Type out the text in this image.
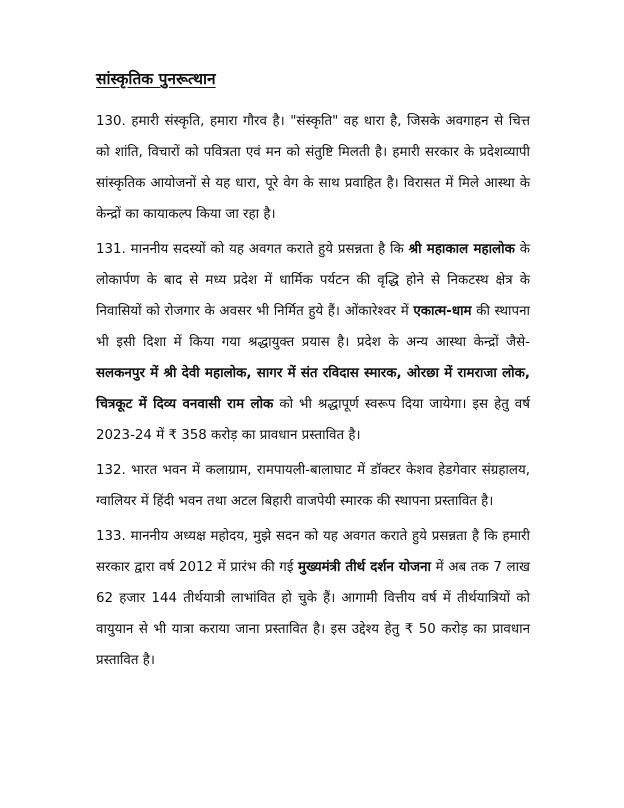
सांस्कृतिक पुनरूत्थान

130. हमारी संस्कृति, हमारा गौरव है। "संस्कृति" वह धारा है, जिसके अवगाहन से चित्त को शांति, विचारों को पवित्रता एवं मन को संतुष्टि मिलती है। हमारी सरकार के प्रदेशव्यापी सांस्कृतिक आयोजनों से यह धारा, पूरे वेग के साथ प्रवाहित है। विरासत में मिले आस्था के केन्द्रों का कायाकल्प किया जा रहा है।

131. माननीय सदस्यों को यह अवगत कराते हुये प्रसन्नता है कि श्री महाकाल महालोक के लोकार्पण के बाद से मध्य प्रदेश में धार्मिक पर्यटन की वृद्धि होने से निकटस्थ क्षेत्र के निवासियों को रोजगार के अवसर भी निर्मित हुये हैं। ओंकारेश्वर में एकात्म-धाम की स्थापना भी इसी दिशा में किया गया श्रद्धायुक्त प्रयास है। प्रदेश के अन्य आस्था केन्द्रों जैसे-सलकनपुर में श्री देवी महालोक, सागर में संत रविदास स्मारक, ओरछा में रामराजा लोक, चित्रकूट में दिव्य वनवासी राम लोक को भी श्रद्धापूर्ण स्वरूप दिया जायेगा। इस हेतु वर्ष 2023-24 में ₹ 358 करोड़ का प्रावधान प्रस्तावित है।

132. भारत भवन में कलाग्राम, रामपायली-बालाघाट में डॉक्टर केशव हेडगेवार संग्रहालय, ग्वालियर में हिंदी भवन तथा अटल बिहारी वाजपेयी स्मारक की स्थापना प्रस्तावित है।

133. माननीय अध्यक्ष महोदय, मुझे सदन को यह अवगत कराते हुये प्रसन्नता है कि हमारी सरकार द्वारा वर्ष 2012 में प्रारंभ की गई मुख्यमंत्री तीर्थ दर्शन योजना में अब तक 7 लाख 62 हजार 144 तीर्थयात्री लाभांवित हो चुके हैं। आगामी वित्तीय वर्ष में तीर्थयात्रियों को वायुयान से भी यात्रा कराया जाना प्रस्तावित है। इस उद्देश्य हेतु ₹ 50 करोड़ का प्रावधान प्रस्तावित है।
